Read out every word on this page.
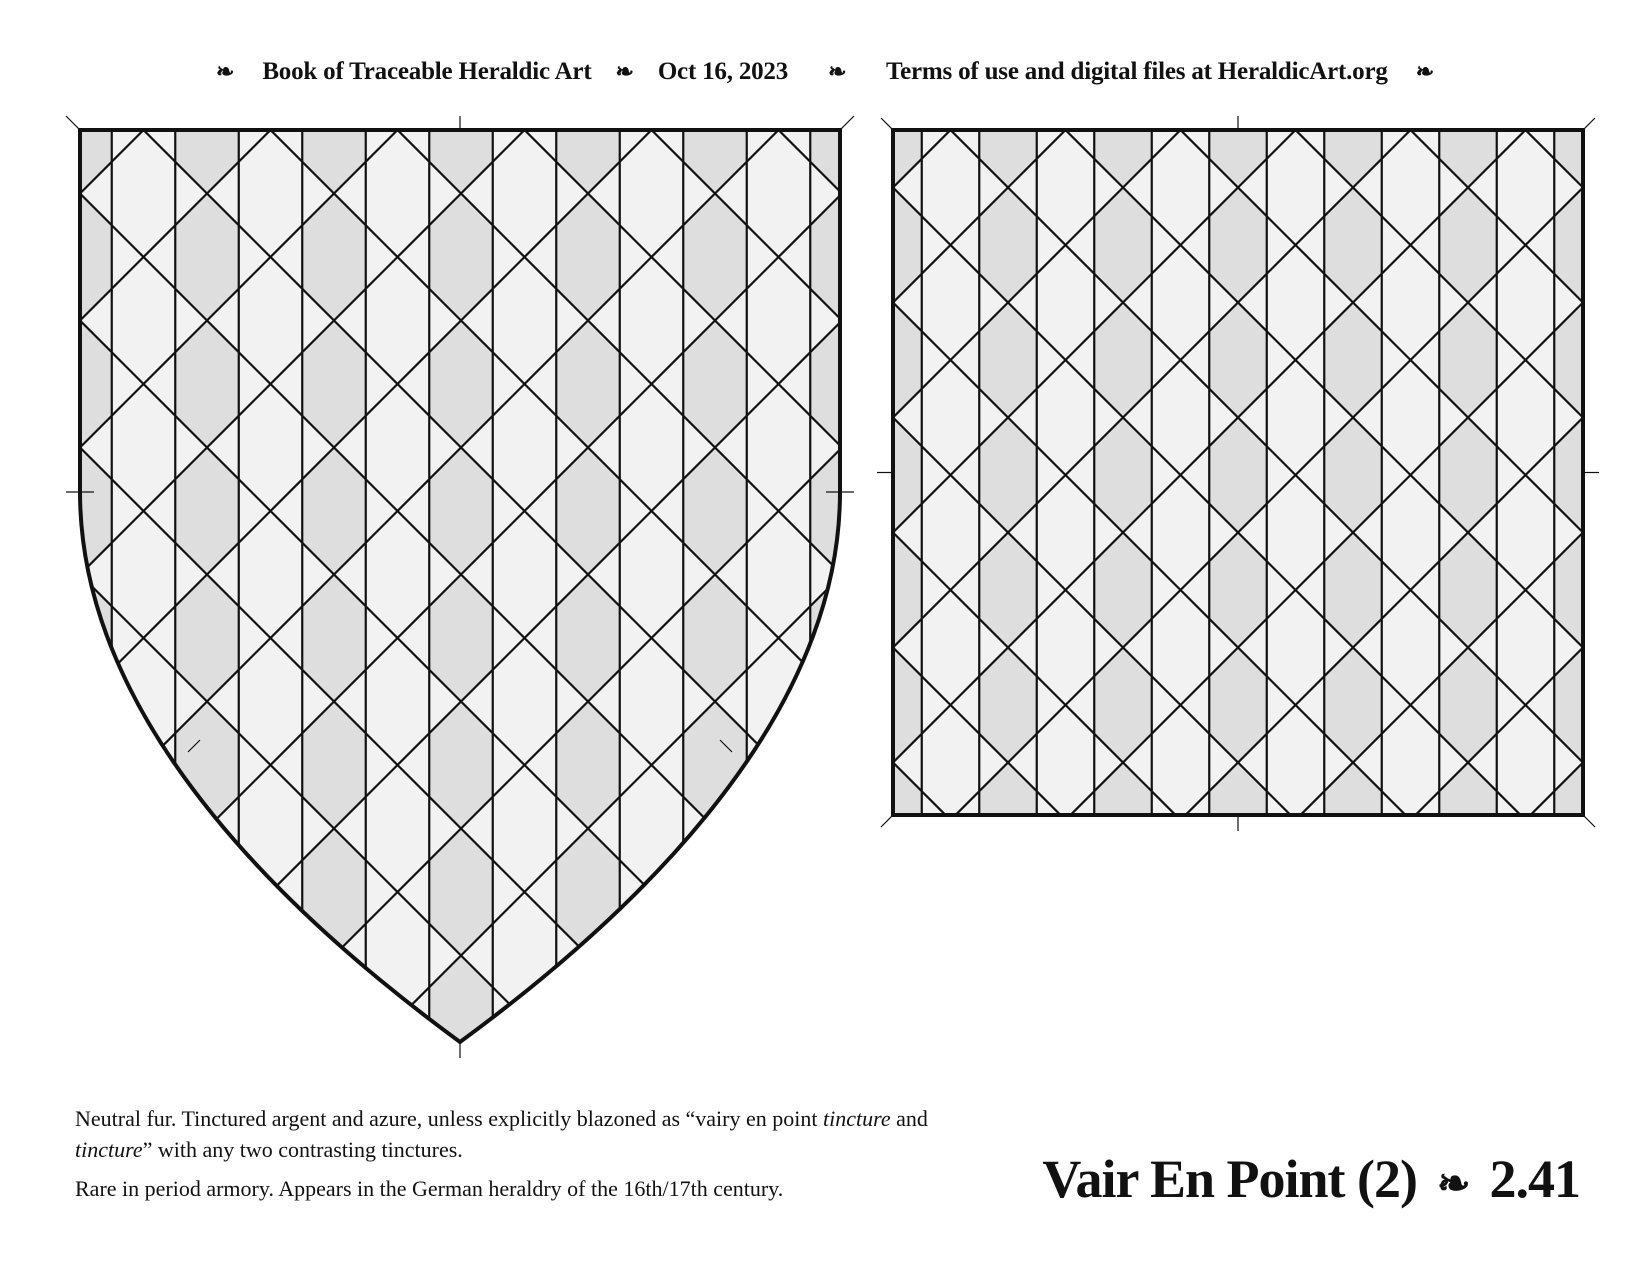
❧ Book of Traceable Heraldic Art ❧ Oct 16, 2023 ❧ Terms of use and digital files at HeraldicArt.org ❧

Neutral fur. Tinctured argent and azure, unless explicitly blazoned as “vairy en point tincture and tincture” with any two contrasting tinctures.

Rare in period armory. Appears in the German heraldry of the 16th/17th century.	Vair En Point (2) ❧ 2.41
